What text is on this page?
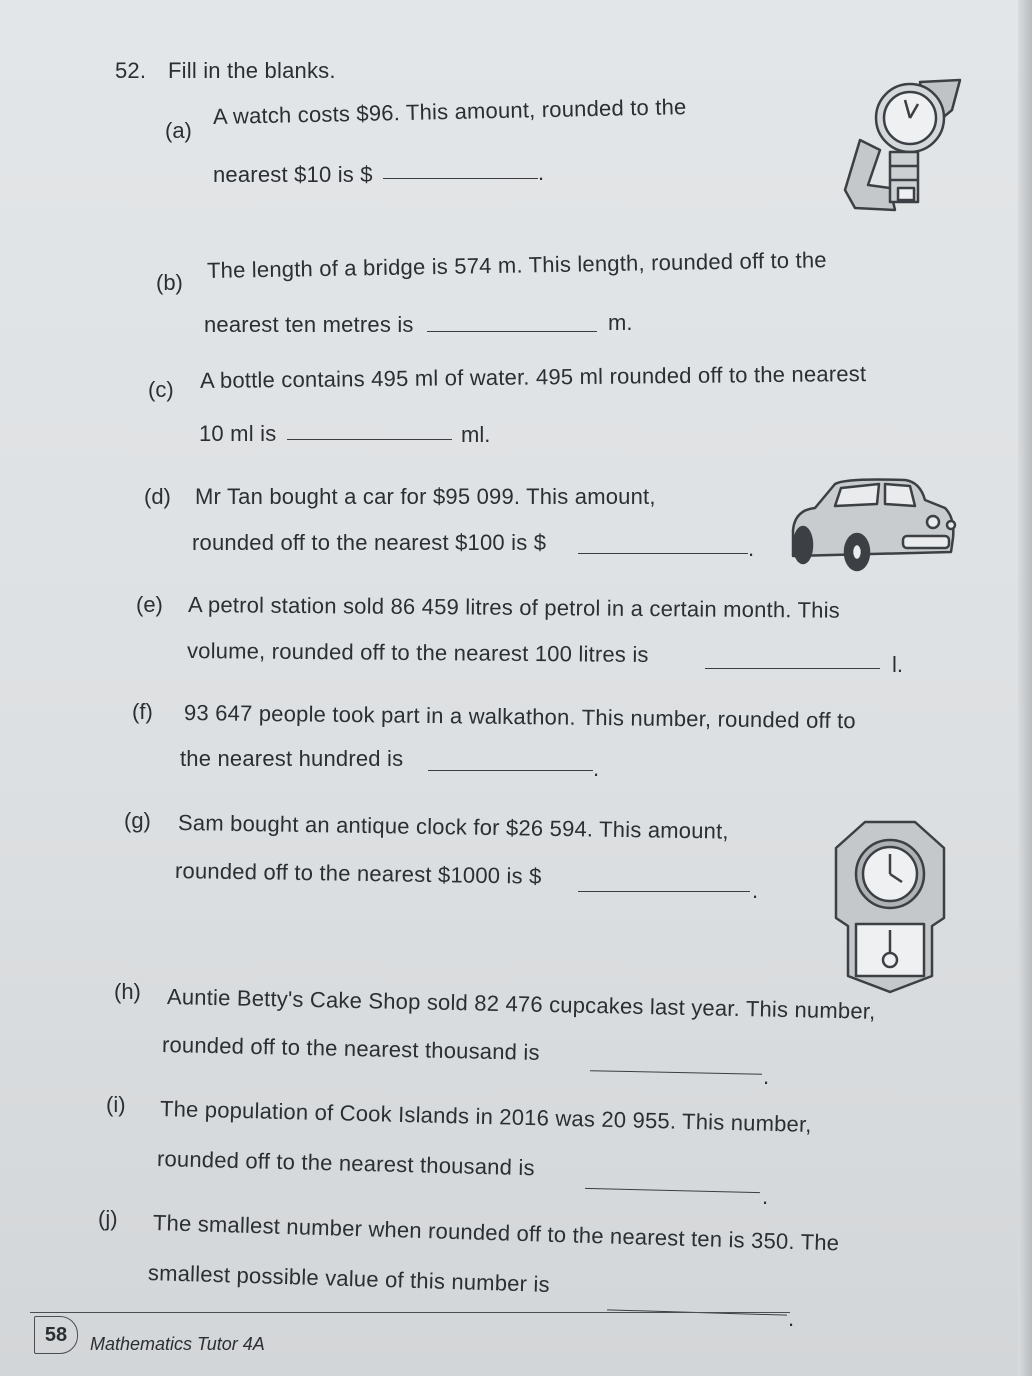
52. Fill in the blanks.
(a)
A watch costs $96. This amount, rounded to the
nearest $10 is $	.
(b) The length of a bridge is 574 m. This length, rounded off to the
nearest ten metres is	m.
(c) A bottle contains 495 ml of water. 495 ml rounded off to the nearest
10 ml is	ml.
(d) Mr Tan bought a car for $95 099. This amount,
rounded off to the nearest $100 is $	.
(e) A petrol station sold 86 459 litres of petrol in a certain month. This
volume, rounded off to the nearest 100 litres is	l.
(f) 93 647 people took part in a walkathon. This number, rounded off to
the nearest hundred is	.
(g) Sam bought an antique clock for $26 594. This amount,
rounded off to the nearest $1000 is $
.
(h) Auntie Betty's Cake Shop sold 82 476 cupcakes last year. This number,
rounded off to the nearest thousand is
.
(i) The population of Cook Islands in 2016 was 20 955. This number,
rounded off to the nearest thousand is
.
(j) The smallest number when rounded off to the nearest ten is 350. The
smallest possible value of this number is
.
58	Mathematics Tutor 4A
